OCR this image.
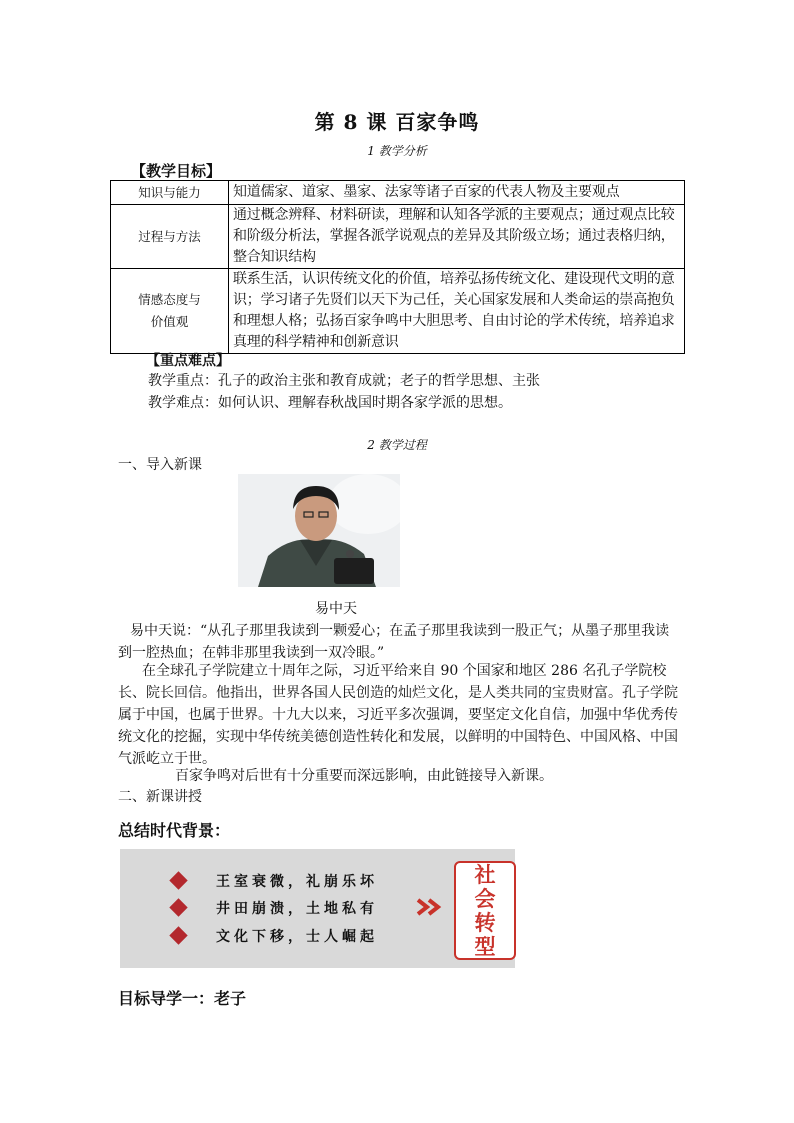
第 8 课 百家争鸣
1 教学分析
【教学目标】
知识与能力	知道儒家、道家、墨家、法家等诸子百家的代表人物及主要观点
过程与方法	通过概念辨释、材料研读，理解和认知各学派的主要观点；通过观点比较和阶级分析法，掌握各派学说观点的差异及其阶级立场；通过表格归纳，整合知识结构
情感态度与价值观	联系生活，认识传统文化的价值，培养弘扬传统文化、建设现代文明的意识；学习诸子先贤们以天下为己任，关心国家发展和人类命运的崇高抱负和理想人格；弘扬百家争鸣中大胆思考、自由讨论的学术传统，培养追求真理的科学精神和创新意识
【重点难点】
教学重点：孔子的政治主张和教育成就；老子的哲学思想、主张
教学难点：如何认识、理解春秋战国时期各家学派的思想。
2 教学过程
一、导入新课
易中天
易中天说：“从孔子那里我读到一颗爱心；在孟子那里我读到一股正气；从墨子那里我读到一腔热血；在韩非那里我读到一双冷眼。”
在全球孔子学院建立十周年之际，习近平给来自 90 个国家和地区 286 名孔子学院校长、院长回信。他指出，世界各国人民创造的灿烂文化，是人类共同的宝贵财富。孔子学院属于中国，也属于世界。十九大以来，习近平多次强调，要坚定文化自信，加强中华优秀传统文化的挖掘，实现中华传统美德创造性转化和发展，以鲜明的中国特色、中国风格、中国气派屹立于世。
百家争鸣对后世有十分重要而深远影响，由此链接导入新课。
二、新课讲授
总结时代背景：
王室衰微，礼崩乐坏
井田崩溃，土地私有
文化下移，士人崛起
社
会
转
型
目标导学一：老子
